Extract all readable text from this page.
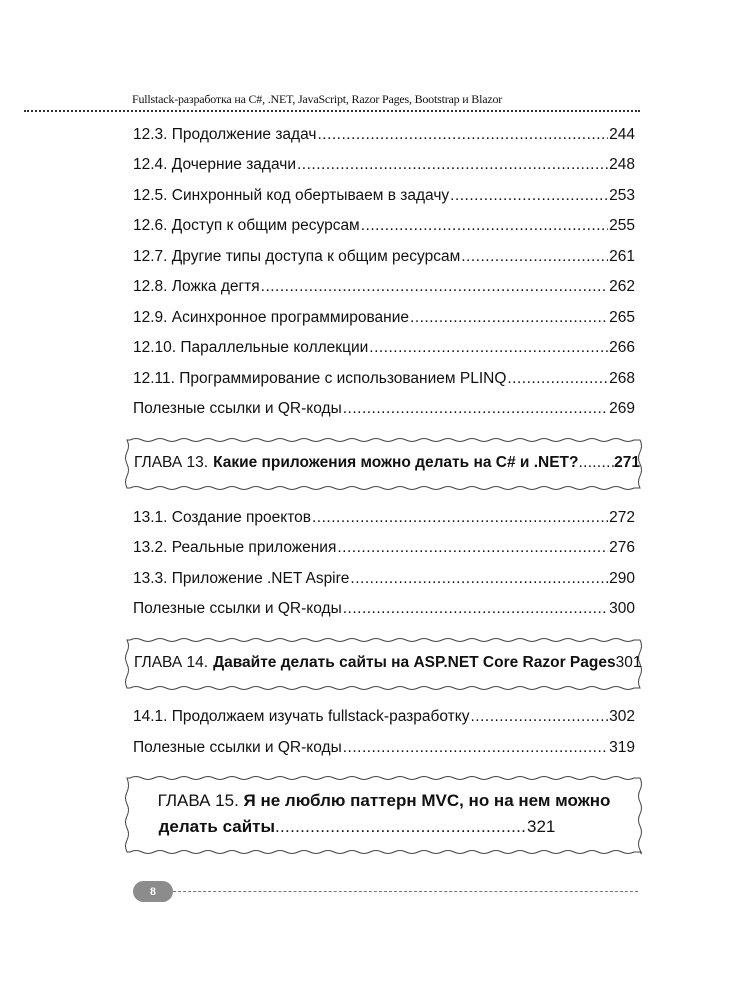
Fullstack-разработка на C#, .NET, JavaScript, Razor Pages, Bootstrap и Blazor
12.3. Продолжение задач .....	244
12.4. Дочерние задачи .....	248
12.5. Синхронный код обертываем в задачу .....	253
12.6. Доступ к общим ресурсам .....	255
12.7. Другие типы доступа к общим ресурсам .....	261
12.8. Ложка дегтя .....	262
12.9. Асинхронное программирование .....	265
12.10. Параллельные коллекции .....	266
12.11. Программирование с использованием PLINQ .....	268
Полезные ссылки и QR-коды .....	269
ГЛАВА 13. Какие приложения можно делать на C# и .NET? ..... 271
13.1. Создание проектов .....	272
13.2. Реальные приложения .....	276
13.3. Приложение .NET Aspire .....	290
Полезные ссылки и QR-коды .....	300
ГЛАВА 14. Давайте делать сайты на ASP.NET Core Razor Pages 301
14.1. Продолжаем изучать fullstack-разработку .....	302
Полезные ссылки и QR-коды .....	319
ГЛАВА 15. Я не люблю паттерн MVC, но на нем можно
делать сайты .....	321
8
